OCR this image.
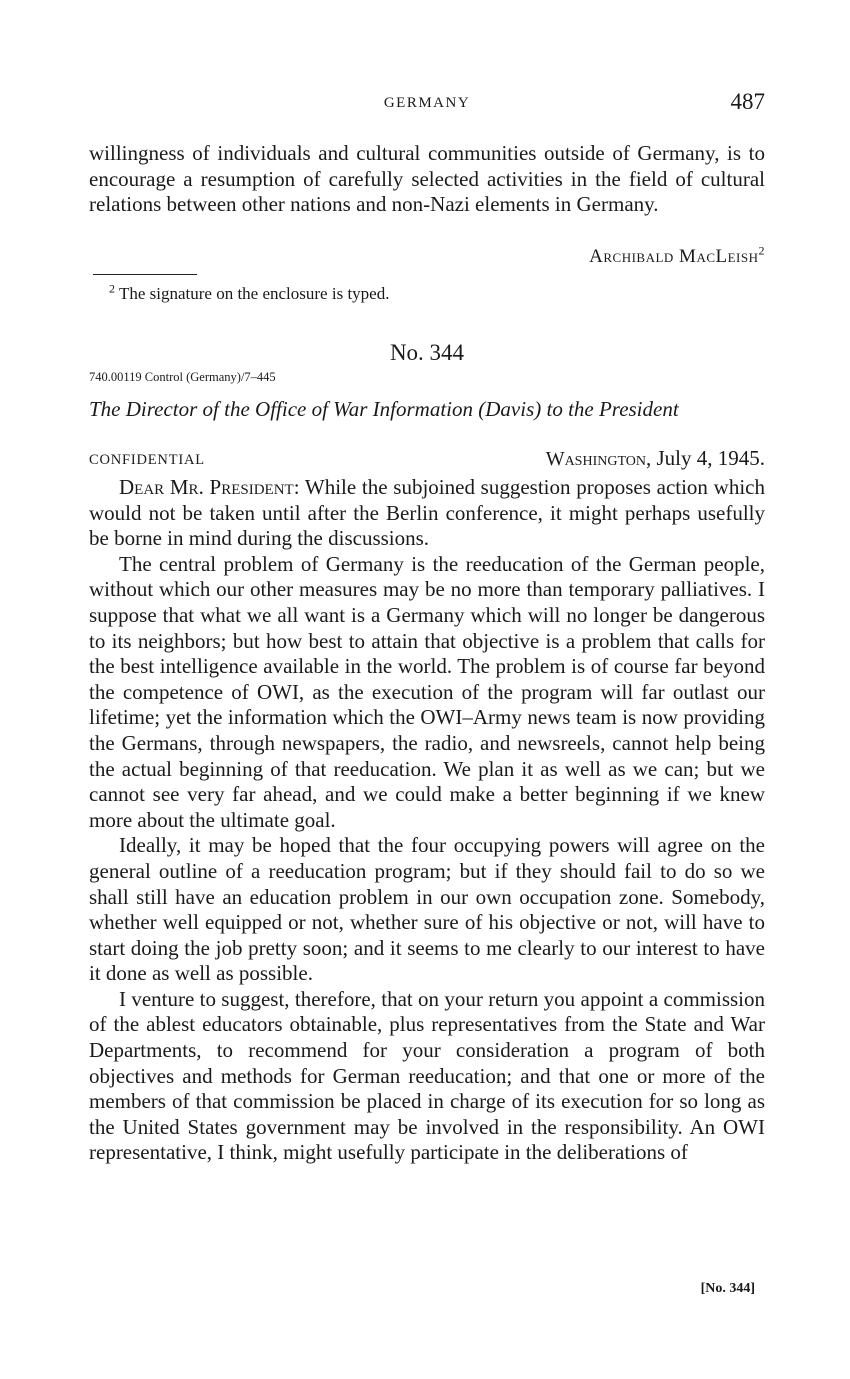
GERMANY	487

willingness of individuals and cultural communities outside of Germany, is to encourage a resumption of carefully selected activities in the field of cultural relations between other nations and non-Nazi elements in Germany.

Archibald MacLeish$^2$
$^2$ The signature on the enclosure is typed.
No. 344
740.00119 Control (Germany)/7–445
The Director of the Office of War Information (Davis) to the President
CONFIDENTIAL	Washington, July 4, 1945.

Dear Mr. President: While the subjoined suggestion proposes action which would not be taken until after the Berlin conference, it might perhaps usefully be borne in mind during the discussions.

The central problem of Germany is the reeducation of the German people, without which our other measures may be no more than temporary palliatives. I suppose that what we all want is a Germany which will no longer be dangerous to its neighbors; but how best to attain that objective is a problem that calls for the best intelligence available in the world. The problem is of course far beyond the competence of OWI, as the execution of the program will far outlast our lifetime; yet the information which the OWI–Army news team is now providing the Germans, through newspapers, the radio, and newsreels, cannot help being the actual beginning of that reeducation. We plan it as well as we can; but we cannot see very far ahead, and we could make a better beginning if we knew more about the ultimate goal.

Ideally, it may be hoped that the four occupying powers will agree on the general outline of a reeducation program; but if they should fail to do so we shall still have an education problem in our own occupation zone. Somebody, whether well equipped or not, whether sure of his objective or not, will have to start doing the job pretty soon; and it seems to me clearly to our interest to have it done as well as possible.

I venture to suggest, therefore, that on your return you appoint a commission of the ablest educators obtainable, plus representatives from the State and War Departments, to recommend for your consideration a program of both objectives and methods for German reeducation; and that one or more of the members of that commission be placed in charge of its execution for so long as the United States government may be involved in the responsibility. An OWI representative, I think, might usefully participate in the deliberations of

[No. 344]
